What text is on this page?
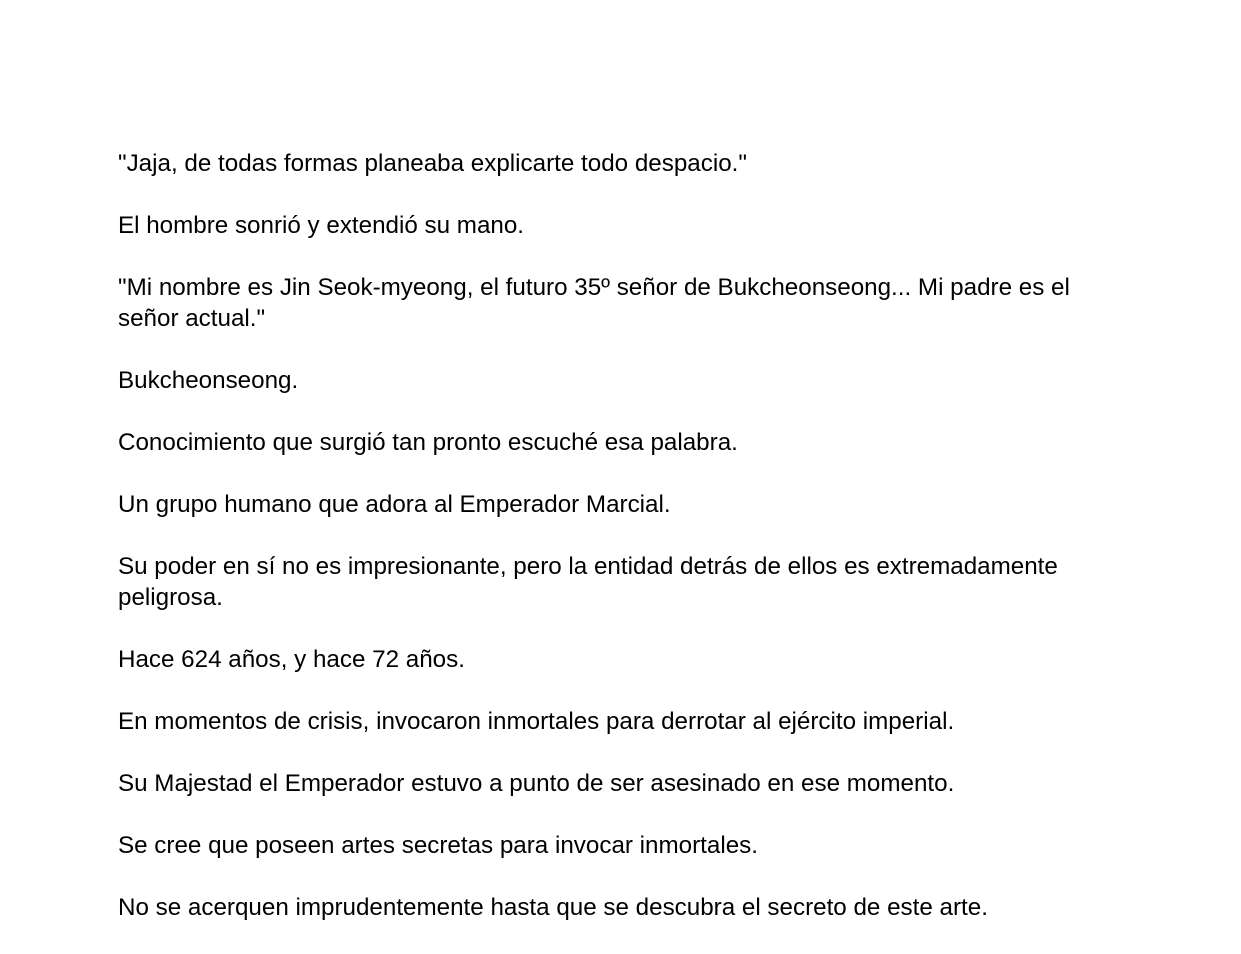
"Jaja, de todas formas planeaba explicarte todo despacio."

El hombre sonrió y extendió su mano.

"Mi nombre es Jin Seok-myeong, el futuro 35º señor de Bukcheonseong... Mi padre es el señor actual."

Bukcheonseong.

Conocimiento que surgió tan pronto escuché esa palabra.

Un grupo humano que adora al Emperador Marcial.

Su poder en sí no es impresionante, pero la entidad detrás de ellos es extremadamente peligrosa.

Hace 624 años, y hace 72 años.

En momentos de crisis, invocaron inmortales para derrotar al ejército imperial.

Su Majestad el Emperador estuvo a punto de ser asesinado en ese momento.

Se cree que poseen artes secretas para invocar inmortales.

No se acerquen imprudentemente hasta que se descubra el secreto de este arte.
